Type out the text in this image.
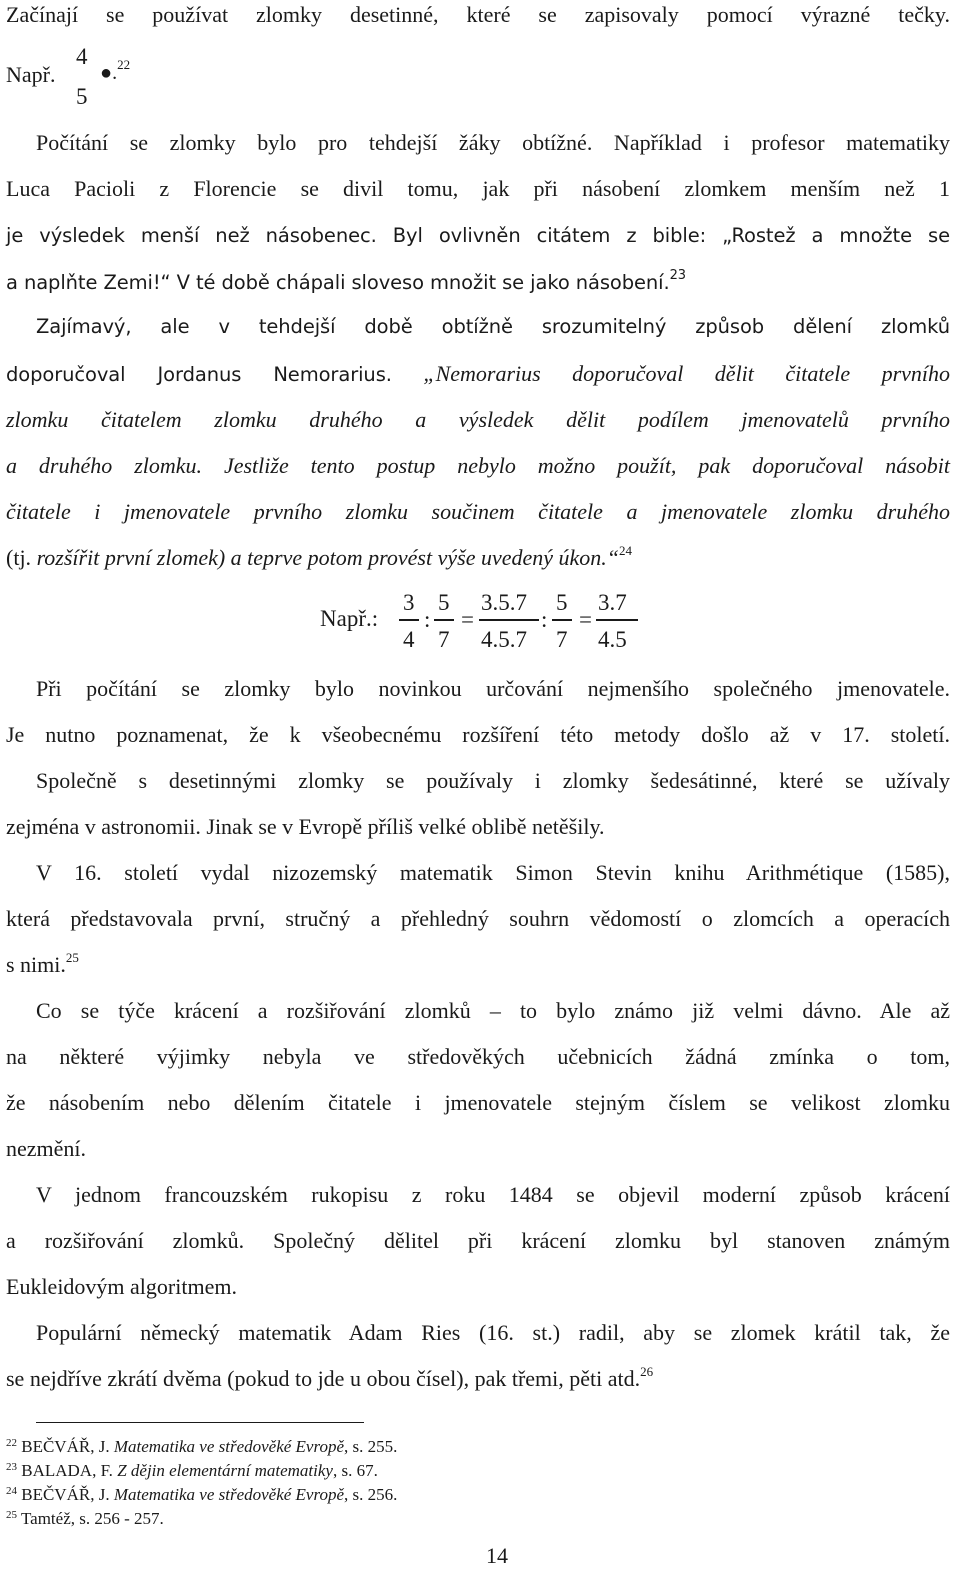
Začínají se používat zlomky desetinné, které se zapisovaly pomocí výrazné tečky.
Např.
4
5
●.$^{22}$
Počítání se zlomky bylo pro tehdejší žáky obtížné. Například i profesor matematiky
Luca Pacioli z Florencie se divil tomu, jak při násobení zlomkem menším než 1
je výsledek menší než násobenec. Byl ovlivněn citátem z bible: „Rostež a množte se
a naplňte Zemi!“ V té době chápali sloveso množit se jako násobení.$^{23}$
Zajímavý, ale v tehdejší době obtížně srozumitelný způsob dělení zlomků
doporučoval Jordanus Nemorarius. „Nemorarius doporučoval dělit čitatele prvního
zlomku čitatelem zlomku druhého a výsledek dělit podílem jmenovatelů prvního
a druhého zlomku. Jestliže tento postup nebylo možno použít, pak doporučoval násobit
čitatele i jmenovatele prvního zlomku součinem čitatele a jmenovatele zlomku druhého
(tj. rozšířit první zlomek) a teprve potom provést výše uvedený úkon.“$^{24}$
Např.:
3
4
:
5
7
=
3.5.7
4.5.7
:
5
7
=
3.7
4.5
Při počítání se zlomky bylo novinkou určování nejmenšího společného jmenovatele.
Je nutno poznamenat, že k všeobecnému rozšíření této metody došlo až v 17. století.
Společně s desetinnými zlomky se používaly i zlomky šedesátinné, které se užívaly
zejména v astronomii. Jinak se v Evropě příliš velké oblibě netěšily.
V 16. století vydal nizozemský matematik Simon Stevin knihu Arithmétique (1585),
která představovala první, stručný a přehledný souhrn vědomostí o zlomcích a operacích
s nimi.$^{25}$
Co se týče krácení a rozšiřování zlomků – to bylo známo již velmi dávno. Ale až
na některé výjimky nebyla ve středověkých učebnicích žádná zmínka o tom,
že násobením nebo dělením čitatele i jmenovatele stejným číslem se velikost zlomku
nezmění.
V jednom francouzském rukopisu z roku 1484 se objevil moderní způsob krácení
a rozšiřování zlomků. Společný dělitel při krácení zlomku byl stanoven známým
Eukleidovým algoritmem.
Populární německý matematik Adam Ries (16. st.) radil, aby se zlomek krátil tak, že
se nejdříve zkrátí dvěma (pokud to jde u obou čísel), pak třemi, pěti atd.$^{26}$
$^{22}$ BEČVÁŘ, J. Matematika ve středověké Evropě, s. 255.
$^{23}$ BALADA, F. Z dějin elementární matematiky, s. 67.
$^{24}$ BEČVÁŘ, J. Matematika ve středověké Evropě, s. 256.
$^{25}$ Tamtéž, s. 256 - 257.
14
